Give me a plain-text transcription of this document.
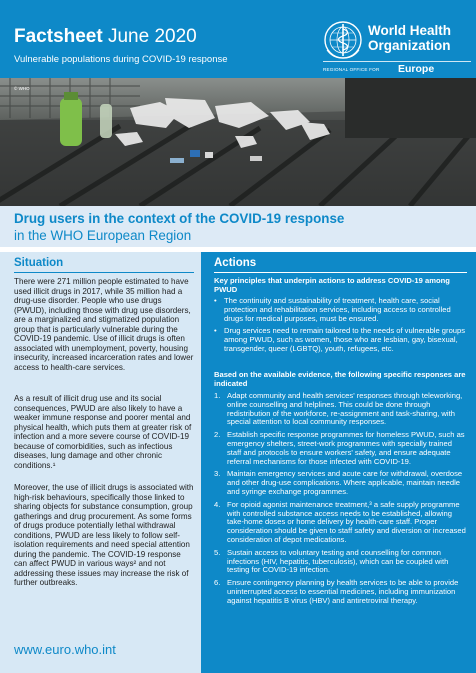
Factsheet June 2020
Vulnerable populations during COVID-19 response
World Health
Organization
REGIONAL OFFICE FOR Europe
© WHO
Drug users in the context of the COVID-19 response
in the WHO European Region
Situation
There were 271 million people estimated to have used illicit drugs in 2017, while 35 million had a drug-use disorder. People who use drugs (PWUD), including those with drug use disorders, are a marginalized and stigmatized population group that is particularly vulnerable during the COVID-19 pandemic. Use of illicit drugs is often associated with unemployment, poverty, housing insecurity, increased incarceration rates and lower access to health-care services.
As a result of illicit drug use and its social consequences, PWUD are also likely to have a weaker immune response and poorer mental and physical health, which puts them at greater risk of infection and a more severe course of COVID-19 because of comorbidities, such as infectious diseases, lung damage and other chronic conditions.¹
Moreover, the use of illicit drugs is associated with high-risk behaviours, specifically those linked to sharing objects for substance consumption, group gatherings and drug procurement. As some forms of drugs produce potentially lethal withdrawal conditions, PWUD are less likely to follow self-isolation requirements and need special attention during the pandemic. The COVID-19 response can affect PWUD in various ways² and not addressing these issues may increase the risk of further outbreaks.
www.euro.who.int
Actions
Key principles that underpin actions to address COVID-19 among PWUD
• The continuity and sustainability of treatment, health care, social protection and rehabilitation services, including access to controlled drugs for medical purposes, must be ensured.
• Drug services need to remain tailored to the needs of vulnerable groups among PWUD, such as women, those who are lesbian, gay, bisexual, transgender, queer (LGBTQ), youth, refugees, etc.
Based on the available evidence, the following specific responses are indicated
1. Adapt community and health services' responses through teleworking, online counselling and helplines. This could be done through redistribution of the workforce, re-assignment and task-sharing, with special attention to local community responses.
2. Establish specific response programmes for homeless PWUD, such as emergency shelters, street-work programmes with specially trained staff and protocols to ensure workers' safety, and ensure adequate referral mechanisms for those infected with COVID-19.
3. Maintain emergency services and acute care for withdrawal, overdose and other drug-use complications. Where applicable, maintain needle and syringe exchange programmes.
4. For opioid agonist maintenance treatment,³ a safe supply programme with controlled substance access needs to be established, allowing take-home doses or home delivery by health-care staff. Proper consideration should be given to staff safety and diversion or increased consideration of depot medications.
5. Sustain access to voluntary testing and counselling for common infections (HIV, hepatitis, tuberculosis), which can be coupled with testing for COVID-19 infection.
6. Ensure contingency planning by health services to be able to provide uninterrupted access to essential medicines, including immunization against hepatitis B virus (HBV) and antiretroviral therapy.
